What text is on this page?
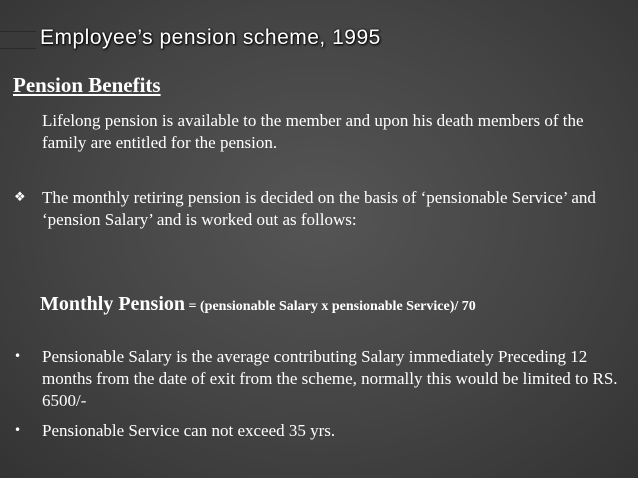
Employee’s pension scheme, 1995
Pension Benefits
Lifelong pension is available to the member and upon his death members of the family are entitled for the pension.
❖ The monthly retiring pension is decided on the basis of ‘pensionable Service’ and ‘pension Salary’ and is worked out as follows:
Monthly Pension = (pensionable Salary x pensionable Service)/ 70
• Pensionable Salary is the average contributing Salary immediately Preceding 12 months from the date of exit from the scheme, normally this would be limited to RS. 6500/-
• Pensionable Service can not exceed 35 yrs.
